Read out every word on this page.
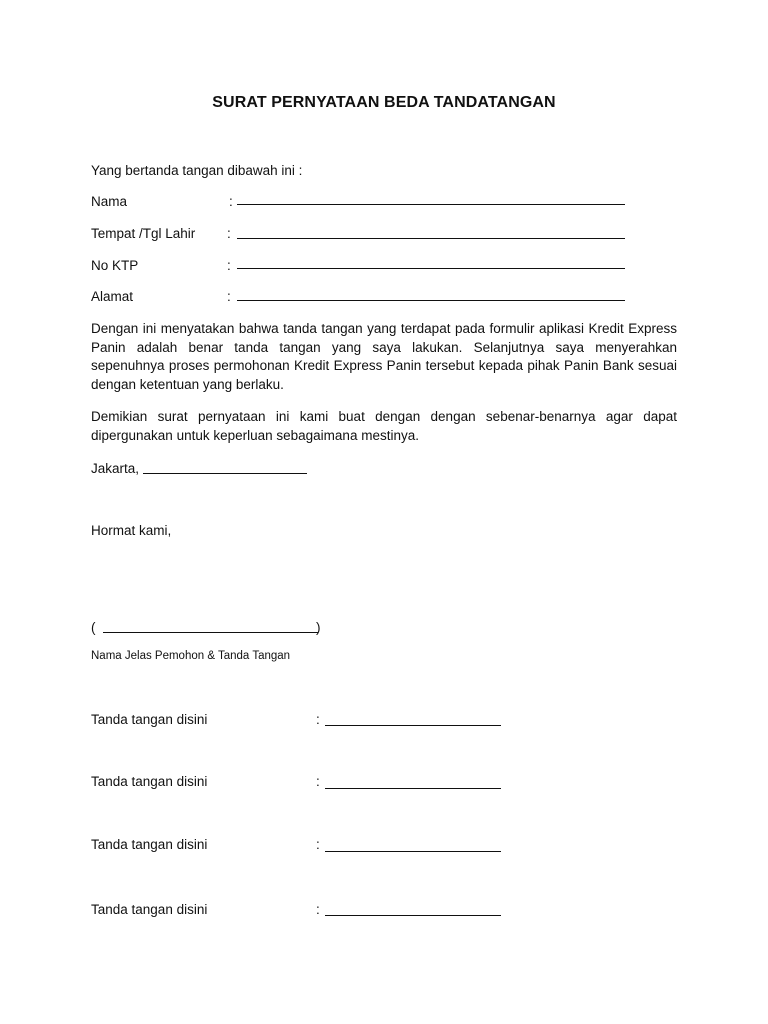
SURAT PERNYATAAN BEDA TANDATANGAN
Yang bertanda tangan dibawah ini :
Nama	:
Tempat /Tgl Lahir :
No KTP	:
Alamat	:

Dengan ini menyatakan bahwa tanda tangan yang terdapat pada formulir aplikasi Kredit Express Panin adalah benar tanda tangan yang saya lakukan. Selanjutnya saya menyerahkan sepenuhnya proses permohonan Kredit Express Panin tersebut kepada pihak Panin Bank sesuai dengan ketentuan yang berlaku.

Demikian surat pernyataan ini kami buat dengan dengan sebenar-benarnya agar dapat dipergunakan untuk keperluan sebagaimana mestinya.

Jakarta,
Hormat kami,
(	)
Nama Jelas Pemohon & Tanda Tangan
Tanda tangan disini	:
Tanda tangan disini	:
Tanda tangan disini	:
Tanda tangan disini	:
